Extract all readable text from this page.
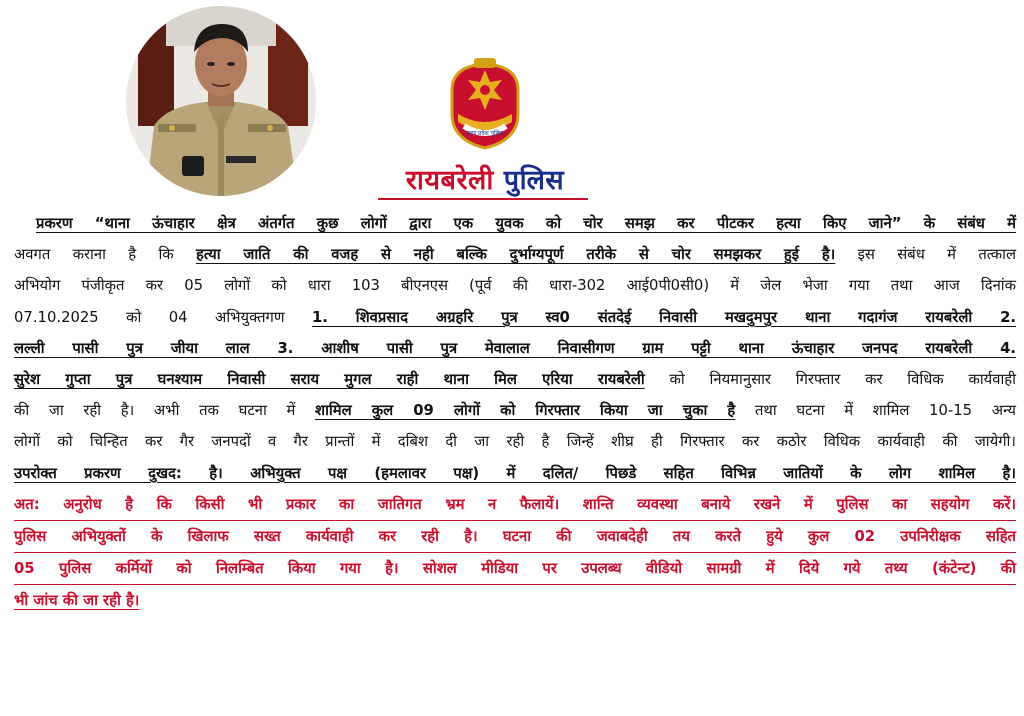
उत्तर प्रदेश पुलिस
रायबरेली पुलिस
प्रकरण “थाना ऊंचाहार क्षेत्र अंतर्गत कुछ लोगों द्वारा एक युवक को चोर समझ कर पीटकर हत्या किए जाने” के संबंध में
अवगत कराना है कि हत्या जाति की वजह से नही बल्कि दुर्भाग्यपूर्ण तरीके से चोर समझकर हुई है। इस संबंध में तत्काल
अभियोग पंजीकृत कर 05 लोगों को धारा 103 बीएनएस (पूर्व की धारा-302 आई0पी0सी0) में जेल भेजा गया तथा आज दिनांक
07.10.2025 को 04 अभियुक्तगण 1. शिवप्रसाद अग्रहरि पुत्र स्व0 संतदेई निवासी मखदुमपुर थाना गदागंज रायबरेली 2.
लल्ली पासी पुत्र जीया लाल 3. आशीष पासी पुत्र मेवालाल निवासीगण ग्राम पट्टी थाना ऊंचाहार जनपद रायबरेली 4.
सुरेश गुप्ता पुत्र घनश्याम निवासी सराय मुगल राही थाना मिल एरिया रायबरेली को नियमानुसार गिरफ्तार कर विधिक कार्यवाही
की जा रही है। अभी तक घटना में शामिल कुल 09 लोगों को गिरफ्तार किया जा चुका है तथा घटना में शामिल 10-15 अन्य
लोगों को चिन्हित कर गैर जनपदों व गैर प्रान्तों में दबिश दी जा रही है जिन्हें शीघ्र ही गिरफ्तार कर कठोर विधिक कार्यवाही की जायेगी।
उपरोक्त प्रकरण दुखद: है। अभियुक्त पक्ष (हमलावर पक्ष) में दलित/ पिछडे सहित विभिन्न जातियों के लोग शामिल है।
अत: अनुरोध है कि किसी भी प्रकार का जातिगत भ्रम न फैलायें। शान्ति व्यवस्था बनाये रखने में पुलिस का सहयोग करें।
पुलिस अभियुक्तों के खिलाफ सख्त कार्यवाही कर रही है। घटना की जवाबदेही तय करते हुये कुल 02 उपनिरीक्षक सहित
05 पुलिस कर्मियों को निलम्बित किया गया है। सोशल मीडिया पर उपलब्ध वीडियो सामग्री में दिये गये तथ्य (कंटेन्ट) की
भी जांच की जा रही है।
